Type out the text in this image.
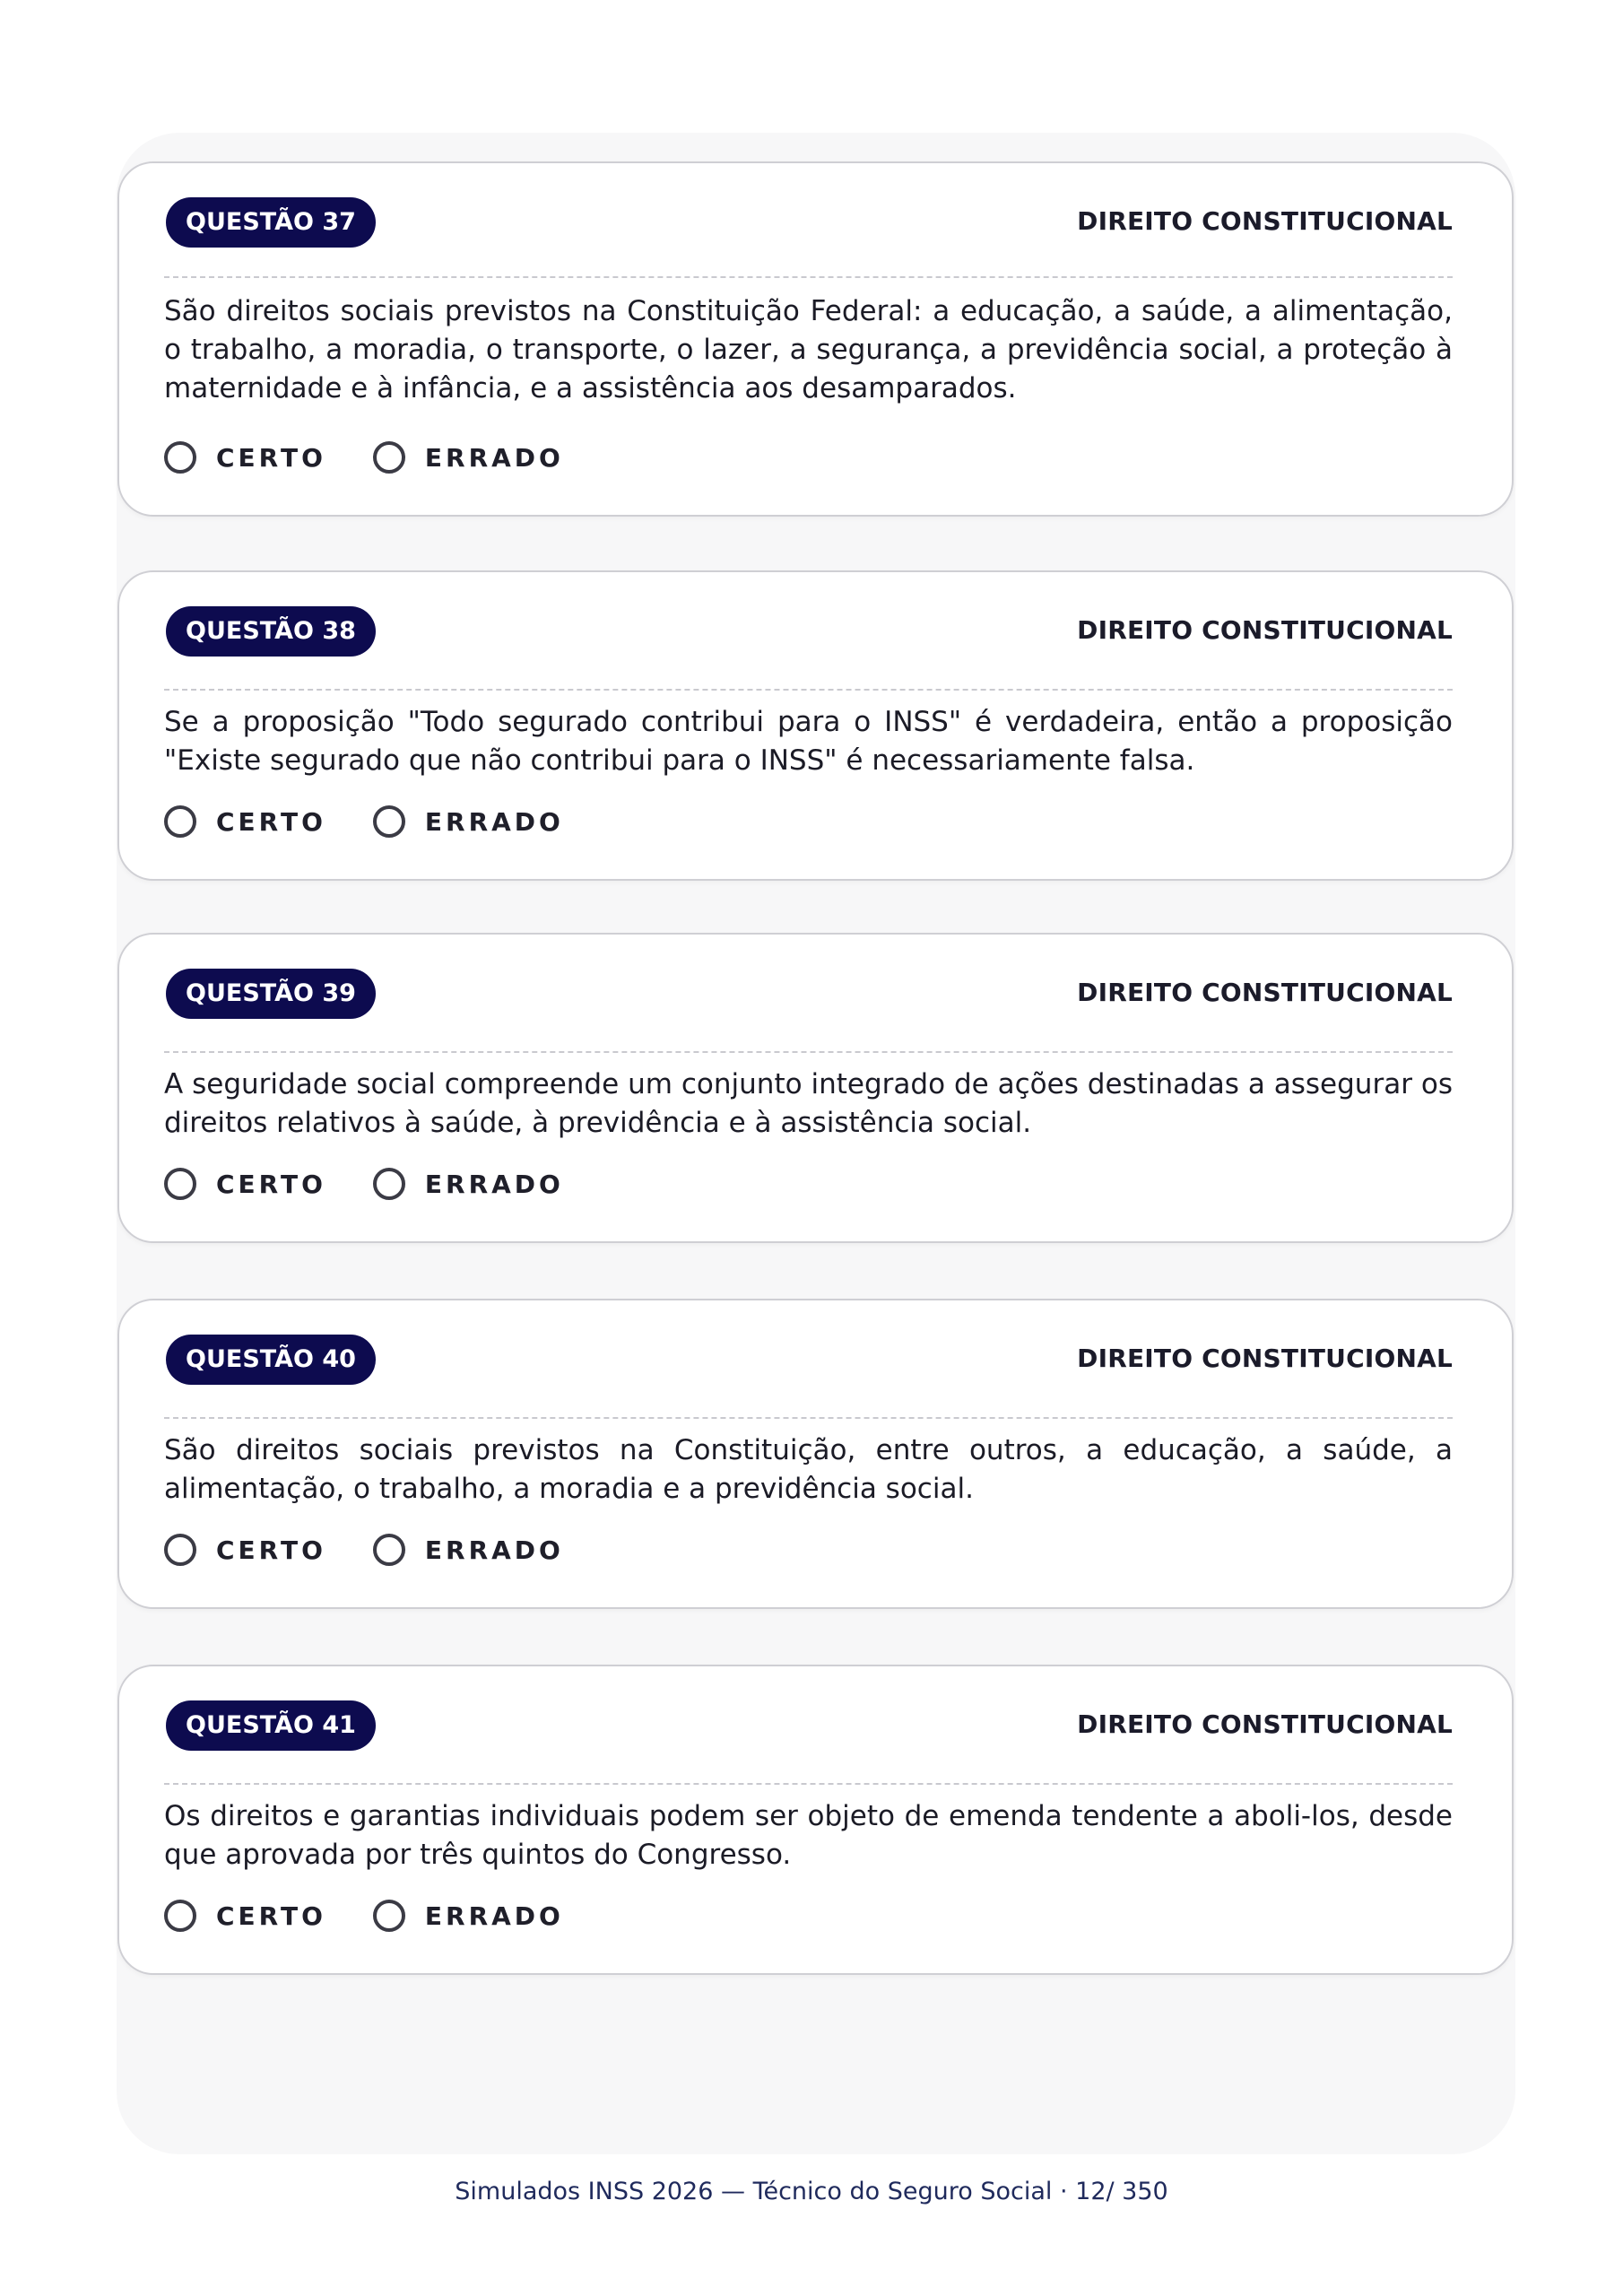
QUESTÃO 37	DIREITO CONSTITUCIONAL

São direitos sociais previstos na Constituição Federal: a educação, a saúde, a alimentação, o trabalho, a moradia, o transporte, o lazer, a segurança, a previdência social, a proteção à maternidade e à infância, e a assistência aos desamparados.

CERTO	ERRADO
QUESTÃO 38	DIREITO CONSTITUCIONAL

Se a proposição "Todo segurado contribui para o INSS" é verdadeira, então a proposição "Existe segurado que não contribui para o INSS" é necessariamente falsa.

CERTO	ERRADO
QUESTÃO 39	DIREITO CONSTITUCIONAL

A seguridade social compreende um conjunto integrado de ações destinadas a assegurar os direitos relativos à saúde, à previdência e à assistência social.

CERTO	ERRADO
QUESTÃO 40	DIREITO CONSTITUCIONAL

São direitos sociais previstos na Constituição, entre outros, a educação, a saúde, a alimentação, o trabalho, a moradia e a previdência social.

CERTO	ERRADO
QUESTÃO 41	DIREITO CONSTITUCIONAL

Os direitos e garantias individuais podem ser objeto de emenda tendente a aboli-los, desde que aprovada por três quintos do Congresso.

CERTO	ERRADO
Simulados INSS 2026 — Técnico do Seguro Social · 12/ 350
